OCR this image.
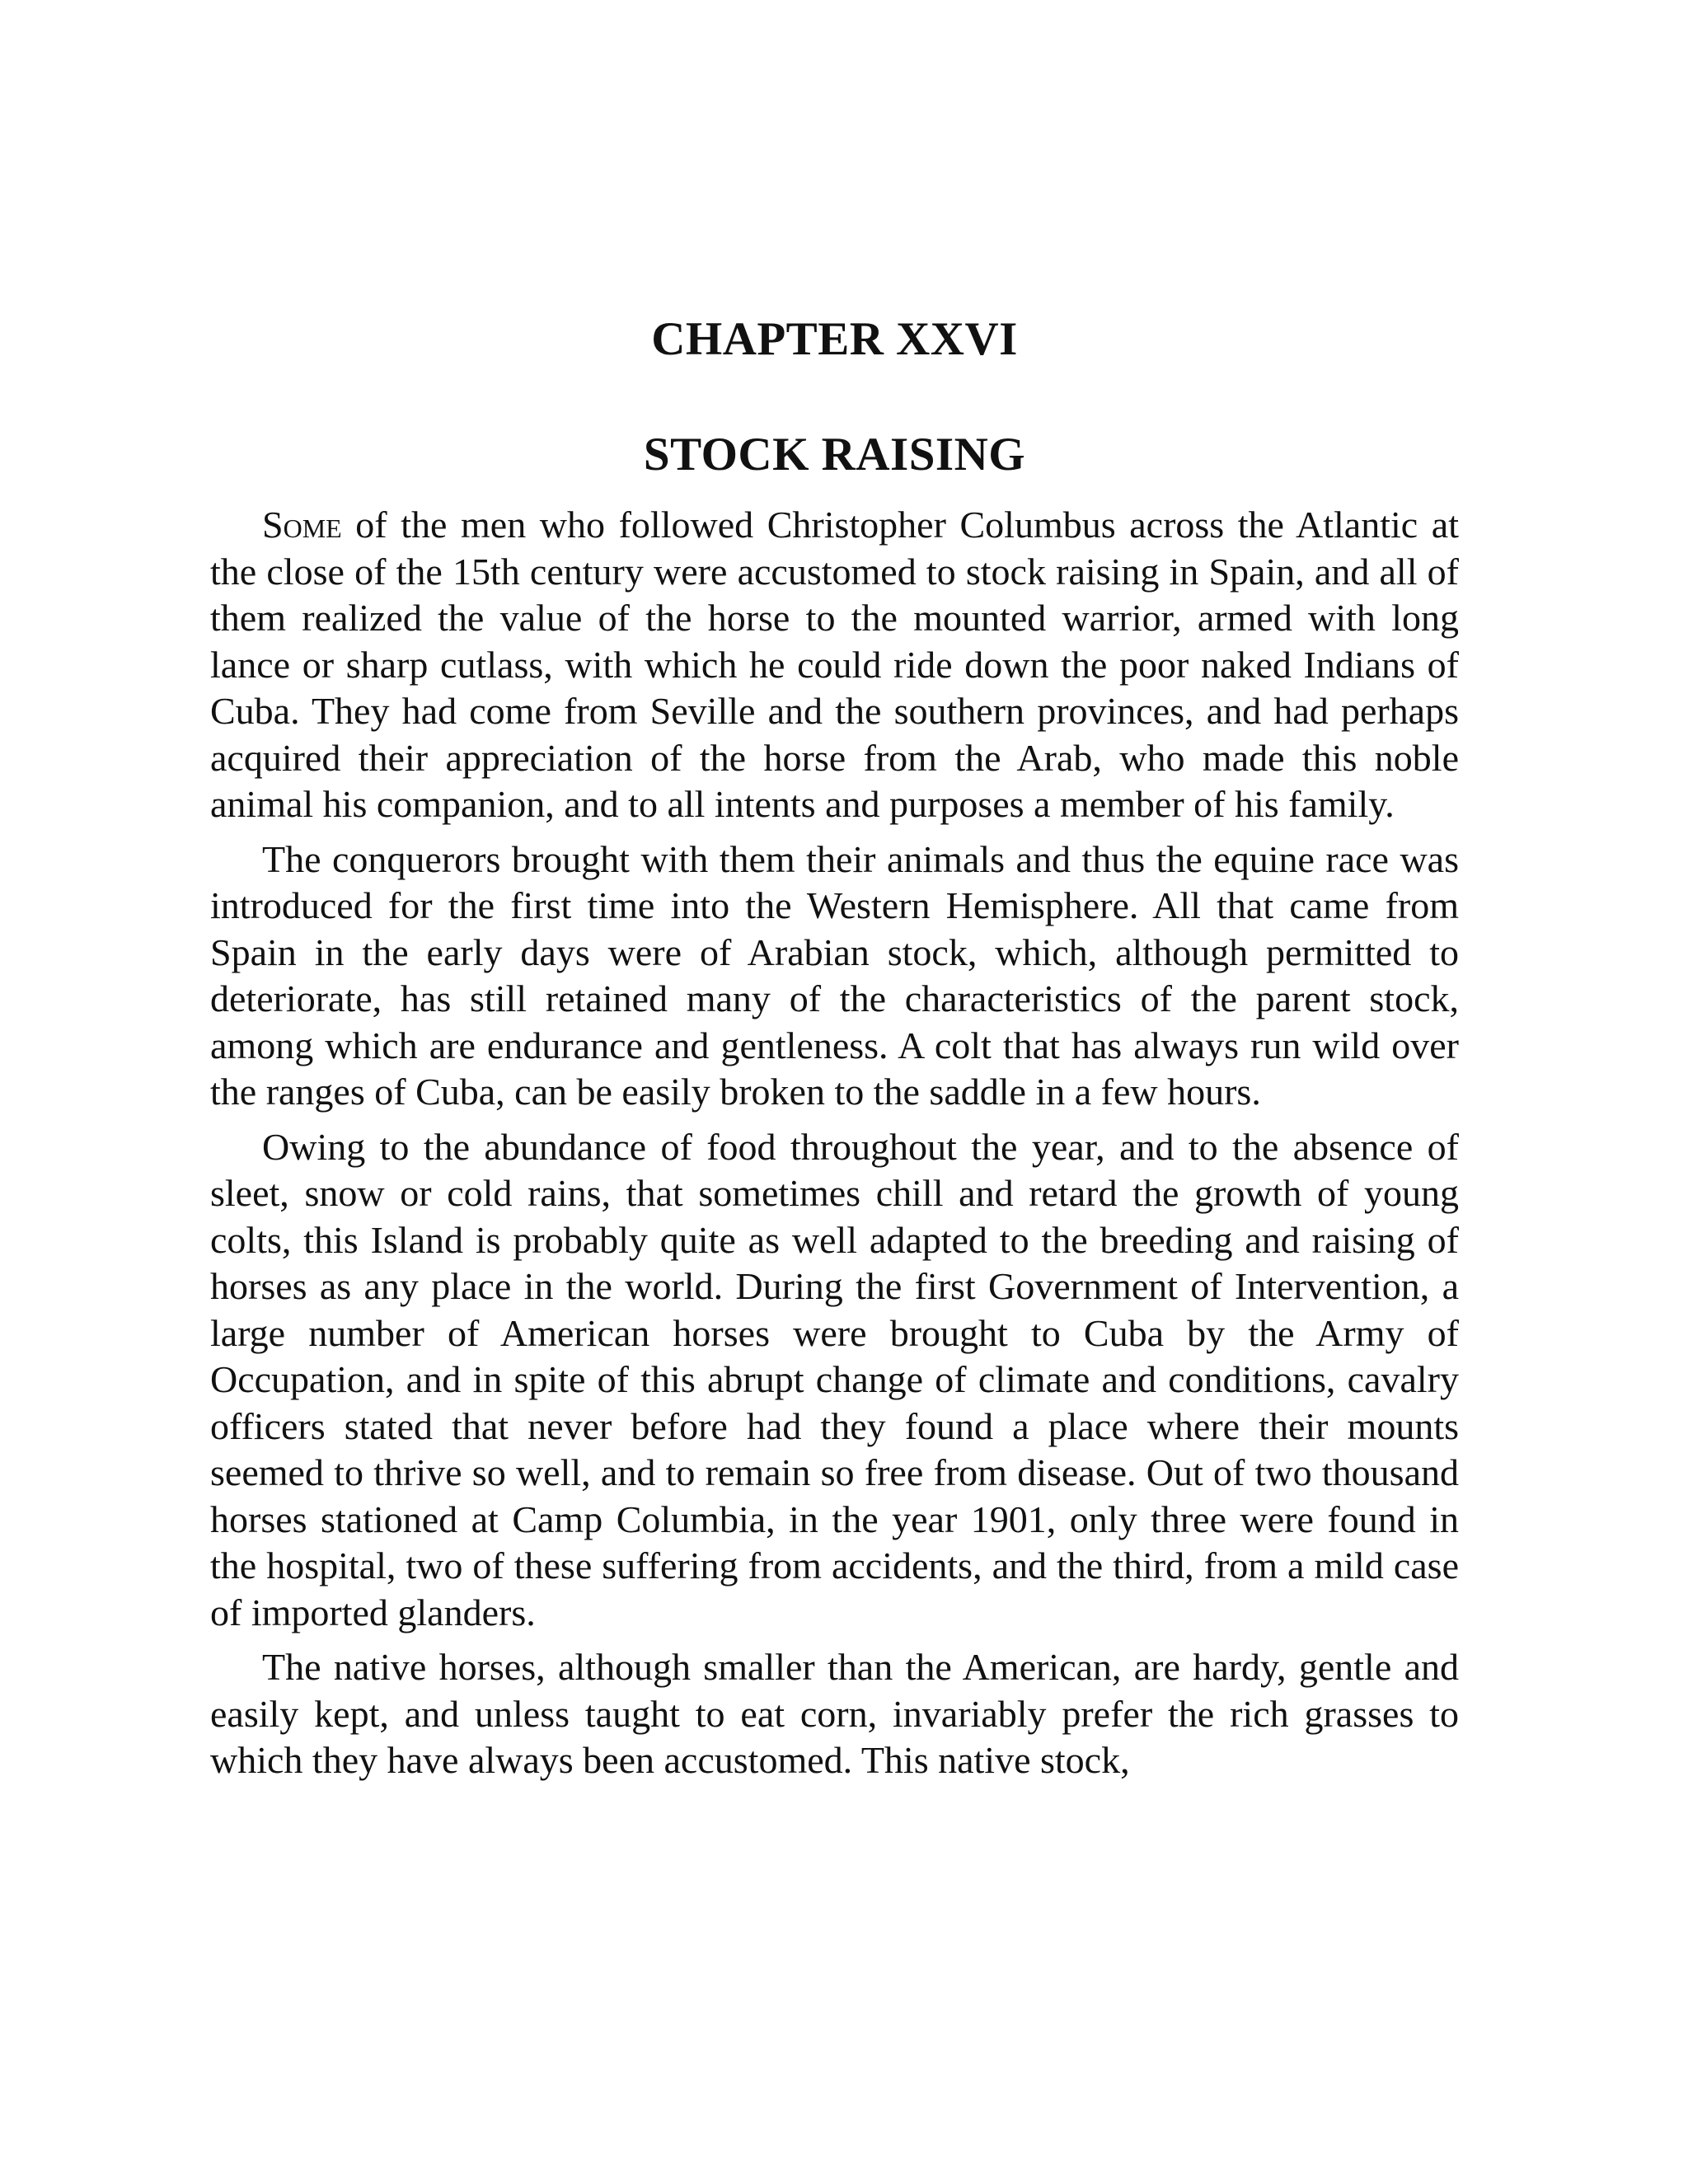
CHAPTER XXVI
STOCK RAISING

Some of the men who followed Christopher Columbus across the Atlantic at the close of the 15th century were accustomed to stock raising in Spain, and all of them realized the value of the horse to the mounted warrior, armed with long lance or sharp cutlass, with which he could ride down the poor naked Indians of Cuba. They had come from Seville and the southern provinces, and had perhaps acquired their appreciation of the horse from the Arab, who made this noble animal his companion, and to all intents and purposes a member of his family.

The conquerors brought with them their animals and thus the equine race was introduced for the first time into the Western Hemisphere. All that came from Spain in the early days were of Arabian stock, which, although permitted to deteriorate, has still retained many of the characteristics of the parent stock, among which are endurance and gentleness. A colt that has always run wild over the ranges of Cuba, can be easily broken to the saddle in a few hours.

Owing to the abundance of food throughout the year, and to the absence of sleet, snow or cold rains, that sometimes chill and retard the growth of young colts, this Island is probably quite as well adapted to the breeding and raising of horses as any place in the world. During the first Government of Intervention, a large number of American horses were brought to Cuba by the Army of Occupation, and in spite of this abrupt change of climate and conditions, cavalry officers stated that never before had they found a place where their mounts seemed to thrive so well, and to remain so free from disease. Out of two thousand horses stationed at Camp Columbia, in the year 1901, only three were found in the hospital, two of these suffering from accidents, and the third, from a mild case of imported glanders.

The native horses, although smaller than the American, are hardy, gentle and easily kept, and unless taught to eat corn, invariably prefer the rich grasses to which they have always been accustomed. This native stock,
